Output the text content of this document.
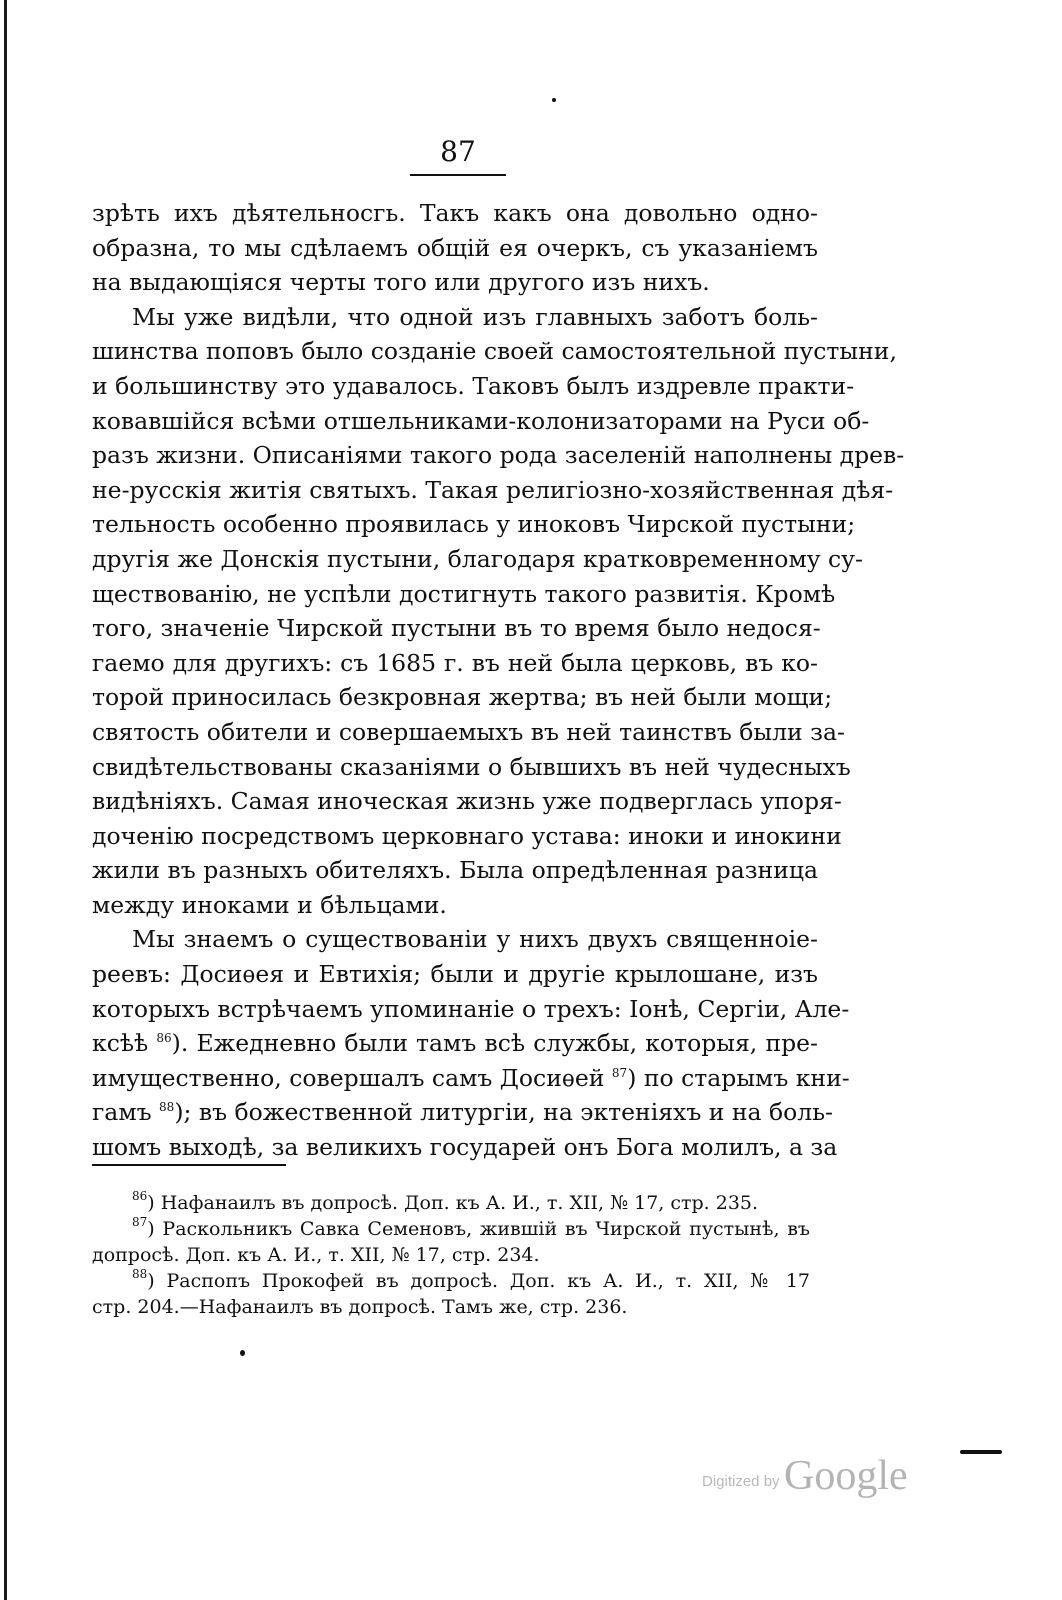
87
зрѣть ихъ дѣятельносгь. Такъ какъ она довольно одно-
образна, то мы сдѣлаемъ общій ея очеркъ, съ указаніемъ
на выдающіяся черты того или другого изъ нихъ.
Мы уже видѣли, что одной изъ главныхъ заботъ боль-
шинства поповъ было созданіе своей самостоятельной пустыни,
и большинству это удавалось. Таковъ былъ издревле практи-
ковавшійся всѣми отшельниками-колонизаторами на Руси об-
разъ жизни. Описаніями такого рода заселеній наполнены древ-
не-русскія житія святыхъ. Такая религіозно-хозяйственная дѣя-
тельность особенно проявилась у иноковъ Чирской пустыни;
другія же Донскія пустыни, благодаря кратковременному су-
ществованію, не успѣли достигнуть такого развитія. Кромѣ
того, значеніе Чирской пустыни въ то время было недося-
гаемо для другихъ: съ 1685 г. въ ней была церковь, въ ко-
торой приносилась безкровная жертва; въ ней были мощи;
святость обители и совершаемыхъ въ ней таинствъ были за-
свидѣтельствованы сказаніями о бывшихъ въ ней чудесныхъ
видѣніяхъ. Самая иноческая жизнь уже подверглась упоря-
доченію посредствомъ церковнаго устава: иноки и инокини
жили въ разныхъ обителяхъ. Была опредѣленная разница
между иноками и бѣльцами.
Мы знаемъ о существованіи у нихъ двухъ священноіе-
реевъ: Досиѳея и Евтихія; были и другіе крылошане, изъ
которыхъ встрѣчаемъ упоминаніе о трехъ: Іонѣ, Сергіи, Але-
ксѣѣ $^{86}$). Ежедневно были тамъ всѣ службы, которыя, пре-
имущественно, совершалъ самъ Досиѳей $^{87}$) по старымъ кни-
гамъ $^{88}$); въ божественной литургіи, на эктеніяхъ и на боль-
шомъ выходѣ, за великихъ государей онъ Бога молилъ, а за
$^{86}$) Нафанаилъ въ допросѣ. Доп. къ А. И., т. ХII, № 17, стр. 235.
$^{87}$) Раскольникъ Савка Семеновъ, жившій въ Чирской пустынѣ, въ
допросѣ. Доп. къ А. И., т. ХII, № 17, стр. 234.
$^{88}$) Распопъ Прокофей въ допросѣ. Доп. къ А. И., т. ХII, № 17
стр. 204.—Нафанаилъ въ допросѣ. Тамъ же, стр. 236.
Digitized by Google
